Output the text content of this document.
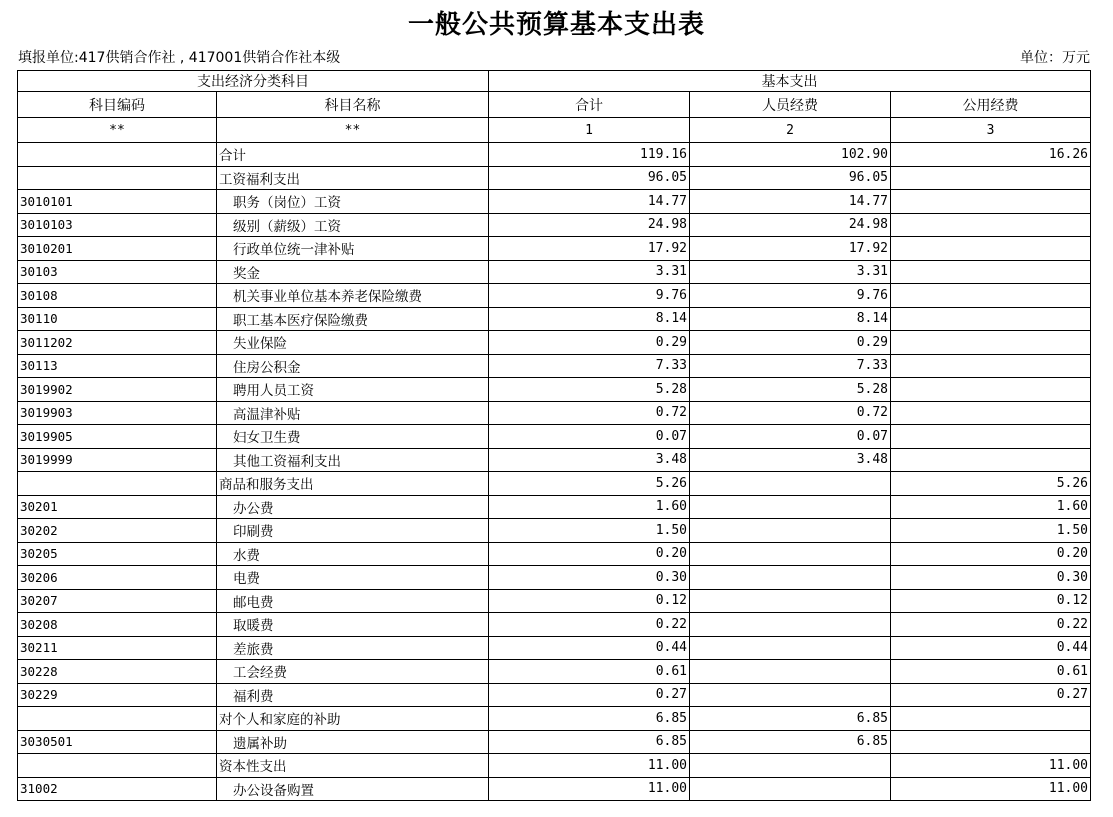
一般公共预算基本支出表
填报单位:417供销合作社 , 417001供销合作社本级	单位：万元
支出经济分类科目		基本支出		
科目编码	科目名称	合计	人员经费	公用经费
**	**	1	2	3
	合计	119.16	102.90	16.26
	工资福利支出	96.05	96.05	
3010101	职务（岗位）工资	14.77	14.77	
3010103	级别（薪级）工资	24.98	24.98	
3010201	行政单位统一津补贴	17.92	17.92	
30103	奖金	3.31	3.31	
30108	机关事业单位基本养老保险缴费	9.76	9.76	
30110	职工基本医疗保险缴费	8.14	8.14	
3011202	失业保险	0.29	0.29	
30113	住房公积金	7.33	7.33	
3019902	聘用人员工资	5.28	5.28	
3019903	高温津补贴	0.72	0.72	
3019905	妇女卫生费	0.07	0.07	
3019999	其他工资福利支出	3.48	3.48	
	商品和服务支出	5.26		5.26
30201	办公费	1.60		1.60
30202	印刷费	1.50		1.50
30205	水费	0.20		0.20
30206	电费	0.30		0.30
30207	邮电费	0.12		0.12
30208	取暖费	0.22		0.22
30211	差旅费	0.44		0.44
30228	工会经费	0.61		0.61
30229	福利费	0.27		0.27
	对个人和家庭的补助	6.85	6.85	
3030501	遗属补助	6.85	6.85	
	资本性支出	11.00		11.00
31002	办公设备购置	11.00		11.00
